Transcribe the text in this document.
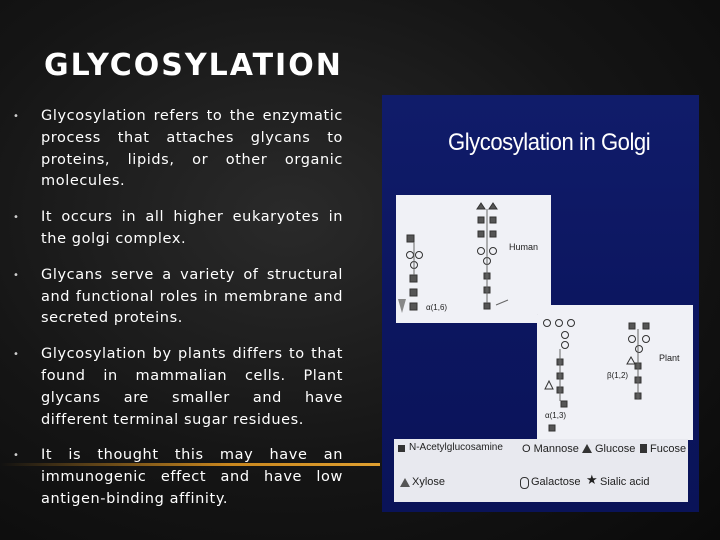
GLYCOSYLATION
• Glycosylation refers to the enzymatic process that attaches glycans to proteins, lipids, or other organic molecules.
• It occurs in all higher eukaryotes in the golgi complex.
• Glycans serve a variety of structural and functional roles in membrane and secreted proteins.
• Glycosylation by plants differs to that found in mammalian cells. Plant glycans are smaller and have different terminal sugar residues.
• It is thought this may have an immunogenic effect and have low antigen-binding affinity.
Glycosylation in Golgi
Human
α(1,6)
Plant
β(1,2)
α(1,3)
N-Acetylglucosamine O Mannose Glucose Fucose
Xylose	Galactose ★ Sialic acid
